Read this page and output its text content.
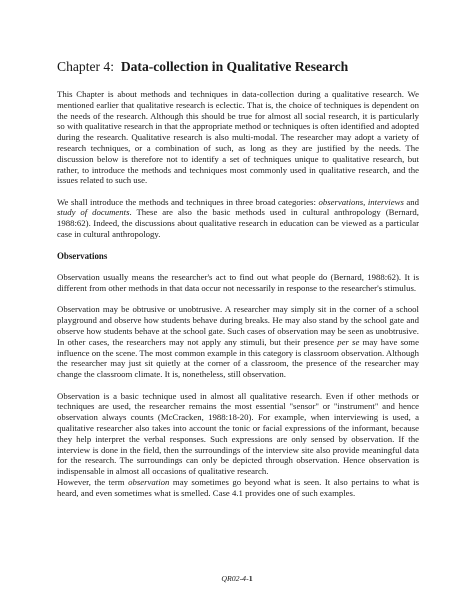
Chapter 4: Data-collection in Qualitative Research

This Chapter is about methods and techniques in data-collection during a qualitative research. We mentioned earlier that qualitative research is eclectic. That is, the choice of techniques is dependent on the needs of the research. Although this should be true for almost all social research, it is particularly so with qualitative research in that the appropriate method or techniques is often identified and adopted during the research. Qualitative research is also multi-modal. The researcher may adopt a variety of research techniques, or a combination of such, as long as they are justified by the needs. The discussion below is therefore not to identify a set of techniques unique to qualitative research, but rather, to introduce the methods and techniques most commonly used in qualitative research, and the issues related to such use.

We shall introduce the methods and techniques in three broad categories: observations, interviews and study of documents. These are also the basic methods used in cultural anthropology (Bernard, 1988:62). Indeed, the discussions about qualitative research in education can be viewed as a particular case in cultural anthropology.

Observations

Observation usually means the researcher's act to find out what people do (Bernard, 1988:62). It is different from other methods in that data occur not necessarily in response to the researcher's stimulus.

Observation may be obtrusive or unobtrusive. A researcher may simply sit in the corner of a school playground and observe how students behave during breaks. He may also stand by the school gate and observe how students behave at the school gate. Such cases of observation may be seen as unobtrusive. In other cases, the researchers may not apply any stimuli, but their presence per se may have some influence on the scene. The most common example in this category is classroom observation. Although the researcher may just sit quietly at the corner of a classroom, the presence of the researcher may change the classroom climate. It is, nonetheless, still observation.

Observation is a basic technique used in almost all qualitative research. Even if other methods or techniques are used, the researcher remains the most essential "sensor" or "instrument" and hence observation always counts (McCracken, 1988:18-20). For example, when interviewing is used, a qualitative researcher also takes into account the tonic or facial expressions of the informant, because they help interpret the verbal responses. Such expressions are only sensed by observation. If the interview is done in the field, then the surroundings of the interview site also provide meaningful data for the research. The surroundings can only be depicted through observation. Hence observation is indispensable in almost all occasions of qualitative research.

However, the term observation may sometimes go beyond what is seen. It also pertains to what is heard, and even sometimes what is smelled. Case 4.1 provides one of such examples.

QR02-4-1
